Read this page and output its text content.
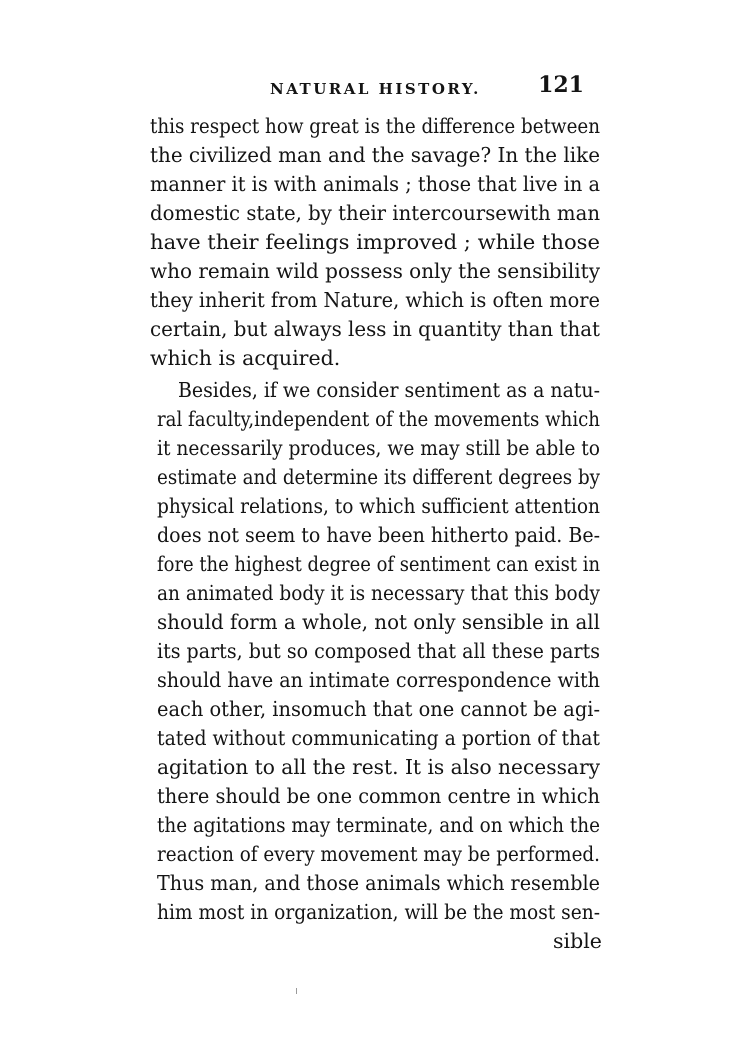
NATURAL HISTORY.	121
this respect how great is the difference between
the civilized man and the savage? In the like
manner it is with animals ; those that live in a
domestic state, by their intercoursewith man
have their feelings improved ; while those
who remain wild possess only the sensibility
they inherit from Nature, which is often more
certain, but always less in quantity than that
which is acquired.
Besides, if we consider sentiment as a natu-
ral faculty,independent of the movements which
it necessarily produces, we may still be able to
estimate and determine its different degrees by
physical relations, to which sufficient attention
does not seem to have been hitherto paid. Be-
fore the highest degree of sentiment can exist in
an animated body it is necessary that this body
should form a whole, not only sensible in all
its parts, but so composed that all these parts
should have an intimate correspondence with
each other, insomuch that one cannot be agi-
tated without communicating a portion of that
agitation to all the rest. It is also necessary
there should be one common centre in which
the agitations may terminate, and on which the
reaction of every movement may be performed.
Thus man, and those animals which resemble
him most in organization, will be the most sen-
sible
